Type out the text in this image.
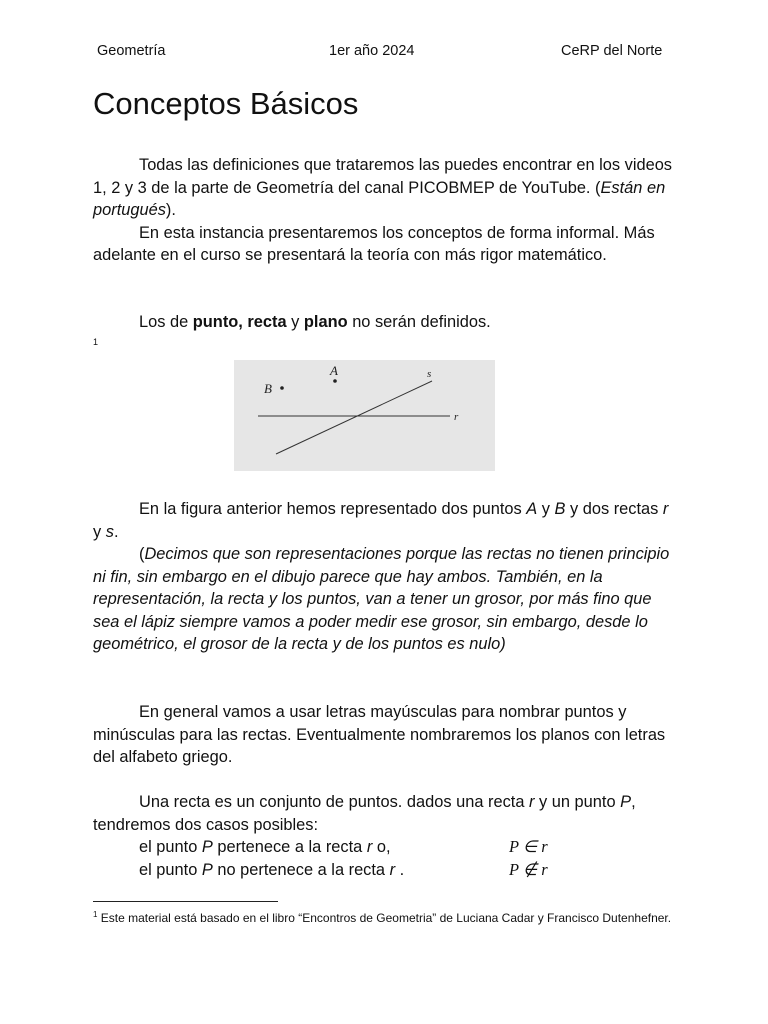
Geometría	1er año 2024	CeRP del Norte
Conceptos Básicos

Todas las definiciones que trataremos las puedes encontrar en los videos 1, 2 y 3 de la parte de Geometría del canal PICOBMEP de YouTube. (Están en portugués).

En esta instancia presentaremos los conceptos de forma informal. Más adelante en el curso se presentará la teoría con más rigor matemático.

Los de punto, recta y plano no serán definidos.

1
B
A	s
r

En la figura anterior hemos representado dos puntos A y B y dos rectas r y s.

(Decimos que son representaciones porque las rectas no tienen principio ni fin, sin embargo en el dibujo parece que hay ambos. También, en la representación, la recta y los puntos, van a tener un grosor, por más fino que sea el lápiz siempre vamos a poder medir ese grosor, sin embargo, desde lo geométrico, el grosor de la recta y de los puntos es nulo)

En general vamos a usar letras mayúsculas para nombrar puntos y minúsculas para las rectas. Eventualmente nombraremos los planos con letras del alfabeto griego.

Una recta es un conjunto de puntos. dados una recta r y un punto P, tendremos dos casos posibles:

el punto P pertenece a la recta r o,	P ∈ r
el punto P no pertenece a la recta r .	P ∉ r

$^1$ Este material está basado en el libro “Encontros de Geometria” de Luciana Cadar y Francisco Dutenhefner.
